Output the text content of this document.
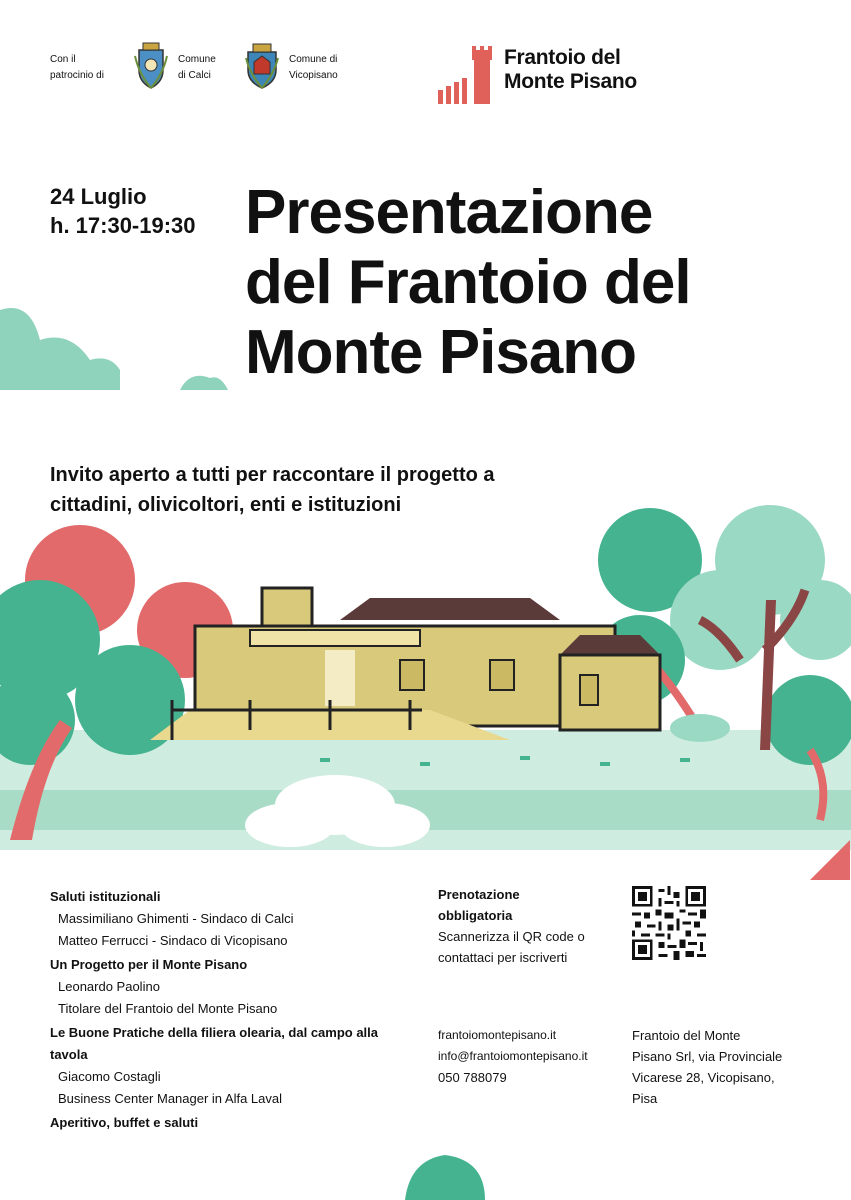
Con il
patrocinio di
Comune
di Calci
Comune di
Vicopisano
Frantoio del
Monte Pisano
24 Luglio
h. 17:30-19:30 Presentazione
del Frantoio del
Monte Pisano

Invito aperto a tutti per raccontare il progetto a
cittadini, olivicoltori, enti e istituzioni

Saluti istituzionali
Massimiliano Ghimenti - Sindaco di Calci
Matteo Ferrucci - Sindaco di Vicopisano
Un Progetto per il Monte Pisano
Leonardo Paolino
Titolare del Frantoio del Monte Pisano
Le Buone Pratiche della filiera olearia, dal campo alla tavola
Giacomo Costagli
Business Center Manager in Alfa Laval
Aperitivo, buffet e saluti
Prenotazione
obbligatoria
Scannerizza il QR code o
contattaci per iscriverti
frantoiomontepisano.it
info@frantoiomontepisano.it
050 788079
Frantoio del Monte
Pisano Srl, via Provinciale
Vicarese 28, Vicopisano,
Pisa
